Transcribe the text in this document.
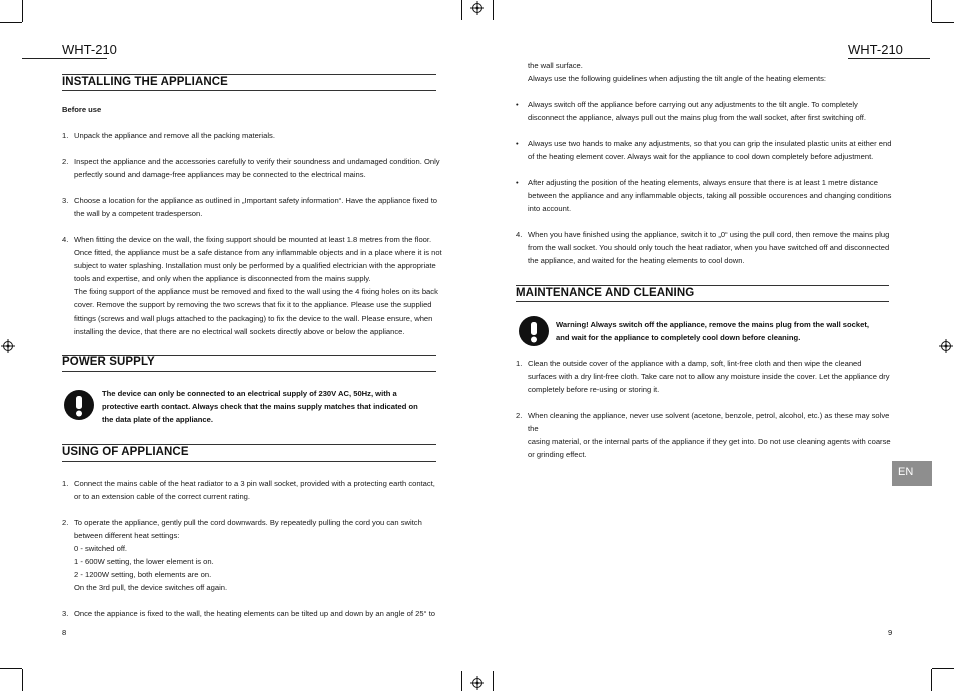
WHT-210
INSTALLING THE APPLIANCE
Before use
1. Unpack the appliance and remove all the packing materials.
2. Inspect the appliance and the accessories carefully to verify their soundness and undamaged condition. Only
perfectly sound and damage-free appliances may be connected to the electrical mains.
3. Choose a location for the appliance as outlined in „Important safety information“. Have the appliance fixed to
the wall by a competent tradesperson.
4. When fitting the device on the wall, the fixing support should be mounted at least 1.8 metres from the floor.
Once fitted, the appliance must be a safe distance from any inflammable objects and in a place where it is not
subject to water splashing. Installation must only be performed by a qualified electrician with the appropriate
tools and expertise, and only when the appliance is disconnected from the mains supply.
The fixing support of the appliance must be removed and fixed to the wall using the 4 fixing holes on its back
cover. Remove the support by removing the two screws that fix it to the appliance. Please use the supplied
fittings (screws and wall plugs attached to the packaging) to fix the device to the wall. Please ensure, when
installing the device, that there are no electrical wall sockets directly above or below the appliance.
POWER SUPPLY
The device can only be connected to an electrical supply of 230V AC, 50Hz, with a
protective earth contact. Always check that the mains supply matches that indicated on
the data plate of the appliance.
USING OF APPLIANCE
1. Connect the mains cable of the heat radiator to a 3 pin wall socket, provided with a protecting earth contact,
or to an extension cable of the correct current rating.
2. To operate the appliance, gently pull the cord downwards. By repeatedly pulling the cord you can switch
between different heat settings:
0 - switched off.
1 - 600W setting, the lower element is on.
2 - 1200W setting, both elements are on.
On the 3rd pull, the device switches off again.
3. Once the appiance is fixed to the wall, the heating elements can be tilted up and down by an angle of 25° to
8
WHT-210
the wall surface.
Always use the following guidelines when adjusting the tilt angle of the heating elements:
• Always switch off the appliance before carrying out any adjustments to the tilt angle. To completely
disconnect the appliance, always pull out the mains plug from the wall socket, after first switching off.
• Always use two hands to make any adjustments, so that you can grip the insulated plastic units at either end
of the heating element cover. Always wait for the appliance to cool down completely before adjustment.
• After adjusting the position of the heating elements, always ensure that there is at least 1 metre distance
between the appliance and any inflammable objects, taking all possible occurences and changing conditions
into account.
4. When you have finished using the appliance, switch it to „0“ using the pull cord, then remove the mains plug
from the wall socket. You should only touch the heat radiator, when you have switched off and disconnected
the appliance, and waited for the heating elements to cool down.
MAINTENANCE AND CLEANING
Warning! Always switch off the appliance, remove the mains plug from the wall socket,
and wait for the appliance to completely cool down before cleaning.
1. Clean the outside cover of the appliance with a damp, soft, lint-free cloth and then wipe the cleaned
surfaces with a dry lint-free cloth. Take care not to allow any moisture inside the cover. Let the appliance dry
completely before re-using or storing it.
2. When cleaning the appliance, never use solvent (acetone, benzole, petrol, alcohol, etc.) as these may solve the
casing material, or the internal parts of the appliance if they get into. Do not use cleaning agents with coarse
or grinding effect.
EN
9
